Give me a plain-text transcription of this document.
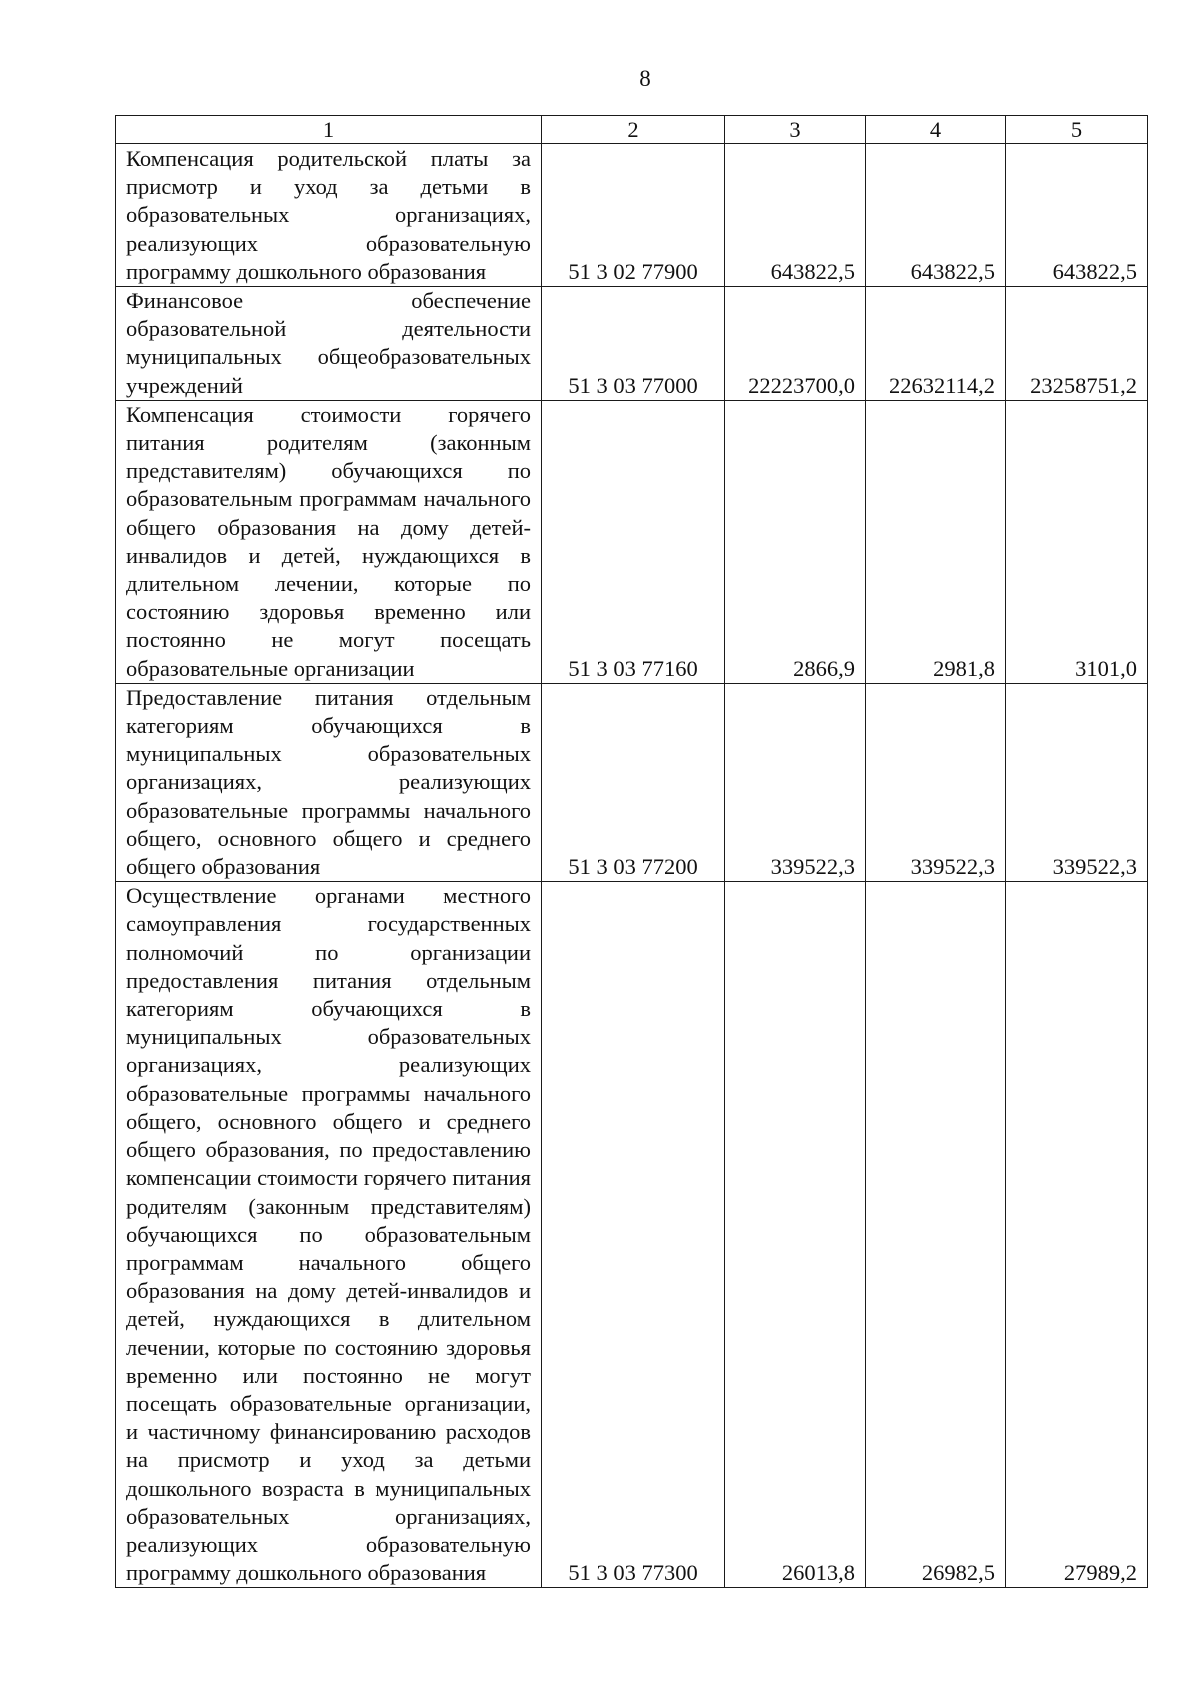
8
1	2	3	4	5
Компенсация родительской платы за присмотр и уход за детьми в образовательных организациях, реализующих образовательную программу дошкольного образования	51 3 02 77900	643822,5	643822,5	643822,5
Финансовое обеспечение образовательной деятельности муниципальных общеобразовательных учреждений	51 3 03 77000	22223700,0	22632114,2	23258751,2
Компенсация стоимости горячего питания родителям (законным представителям) обучающихся по образовательным программам начального общего образования на дому детей-инвалидов и детей, нуждающихся в длительном лечении, которые по состоянию здоровья временно или постоянно не могут посещать образовательные организации	51 3 03 77160	2866,9	2981,8	3101,0
Предоставление питания отдельным категориям обучающихся в муниципальных образовательных организациях, реализующих образовательные программы начального общего, основного общего и среднего общего образования	51 3 03 77200	339522,3	339522,3	339522,3
Осуществление органами местного самоуправления государственных полномочий по организации предоставления питания отдельным категориям обучающихся в муниципальных образовательных организациях, реализующих образовательные программы начального общего, основного общего и среднего общего образования, по предоставлению компенсации стоимости горячего питания родителям (законным представителям) обучающихся по образовательным программам начального общего образования на дому детей-инвалидов и детей, нуждающихся в длительном лечении, которые по состоянию здоровья временно или постоянно не могут посещать образовательные организации, и частичному финансированию расходов на присмотр и уход за детьми дошкольного возраста в муниципальных образовательных организациях, реализующих образовательную программу дошкольного образования	51 3 03 77300	26013,8	26982,5	27989,2
